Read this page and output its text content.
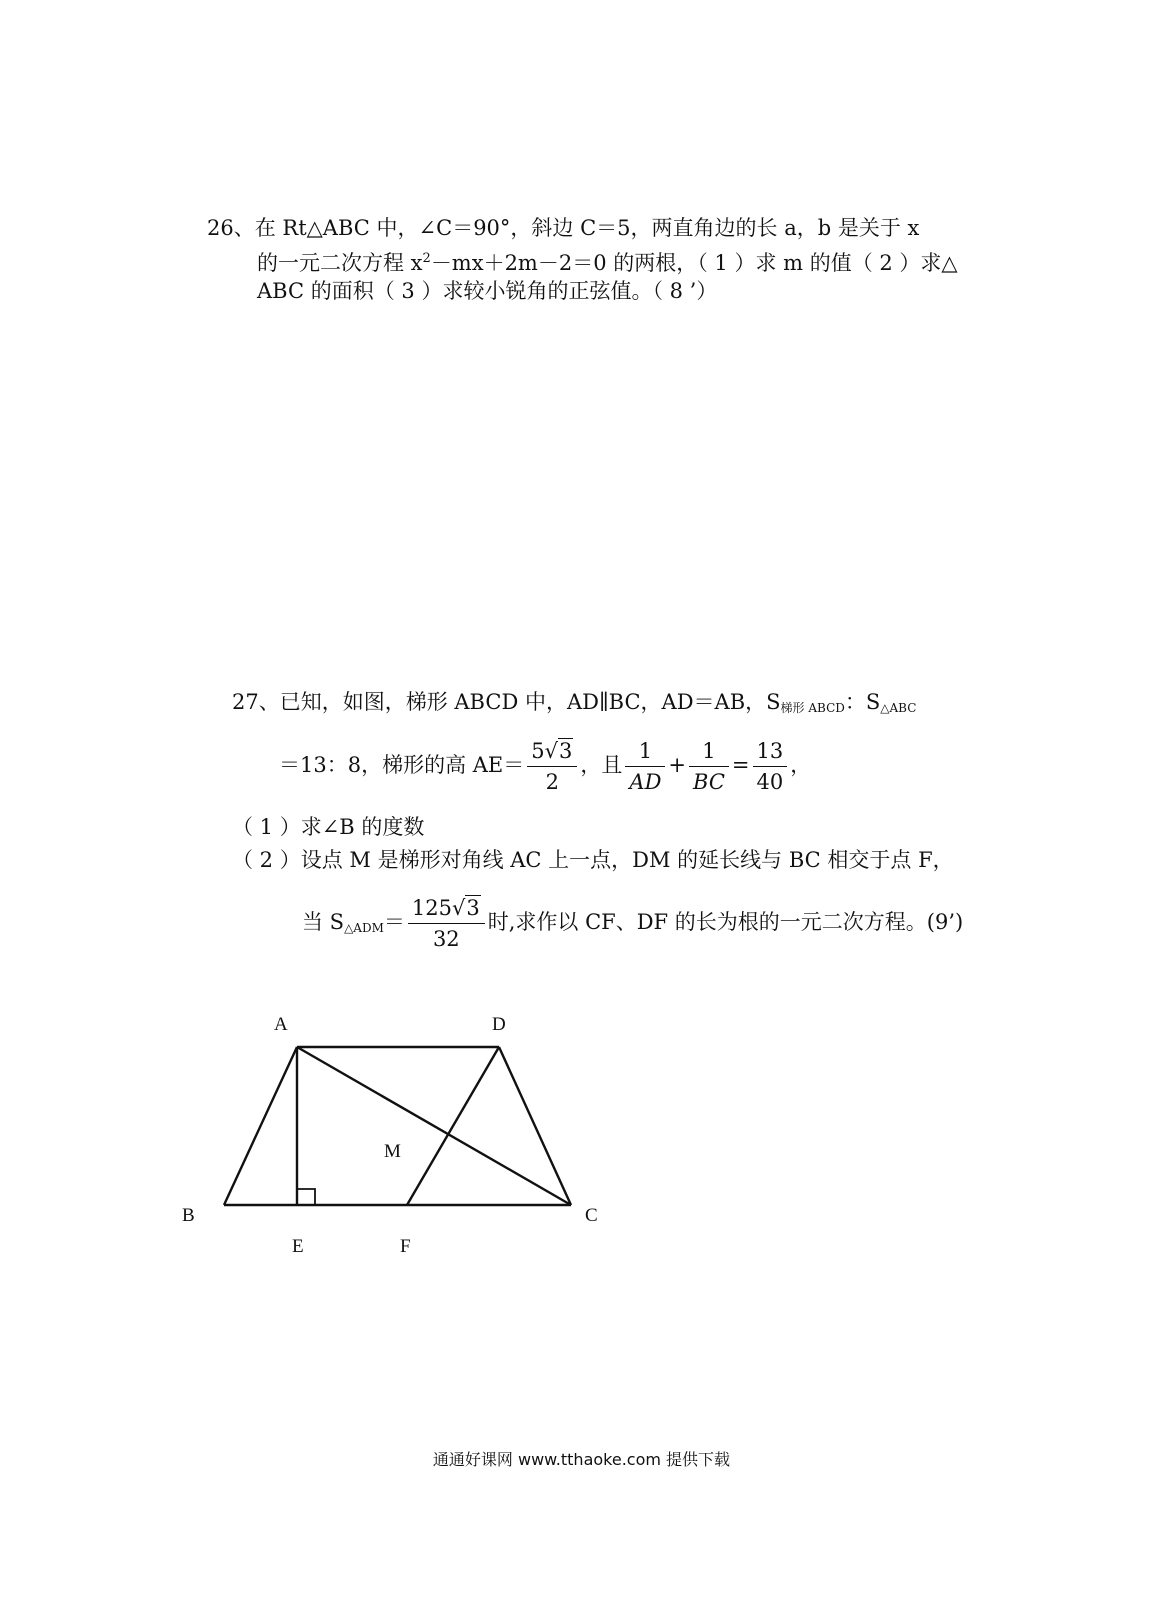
26、在 Rt△ABC 中，∠C＝90°，斜边 C＝5，两直角边的长 a，b 是关于 x
的一元二次方程 $x^2-mx+2m-2=0$ 的两根，（ 1 ）求 m 的值（ 2 ）求△
ABC 的面积（ 3 ）求较小锐角的正弦值。（ 8 ’）
27、已知，如图，梯形 ABCD 中，AD∥BC，AD＝AB，$S_{梯形 ABCD}$：$S_{\triangle ABC}$
＝13：8，梯形的高 $AE= \frac{5√3}{2}$ ，且 $\frac{1}{AD} + \frac{1}{BC} = \frac{13}{40}$ ，
（ 1 ）求∠B 的度数
（ 2 ）设点 M 是梯形对角线 AC 上一点，DM 的延长线与 BC 相交于点 F，
当 $S_{\triangle ADM}= \frac{125√3}{32}$ 时,求作以 CF、DF 的长为根的一元二次方程。(9’)
A	D
B	C
E	F
M
通通好课网 www.tthaoke.com 提供下载
